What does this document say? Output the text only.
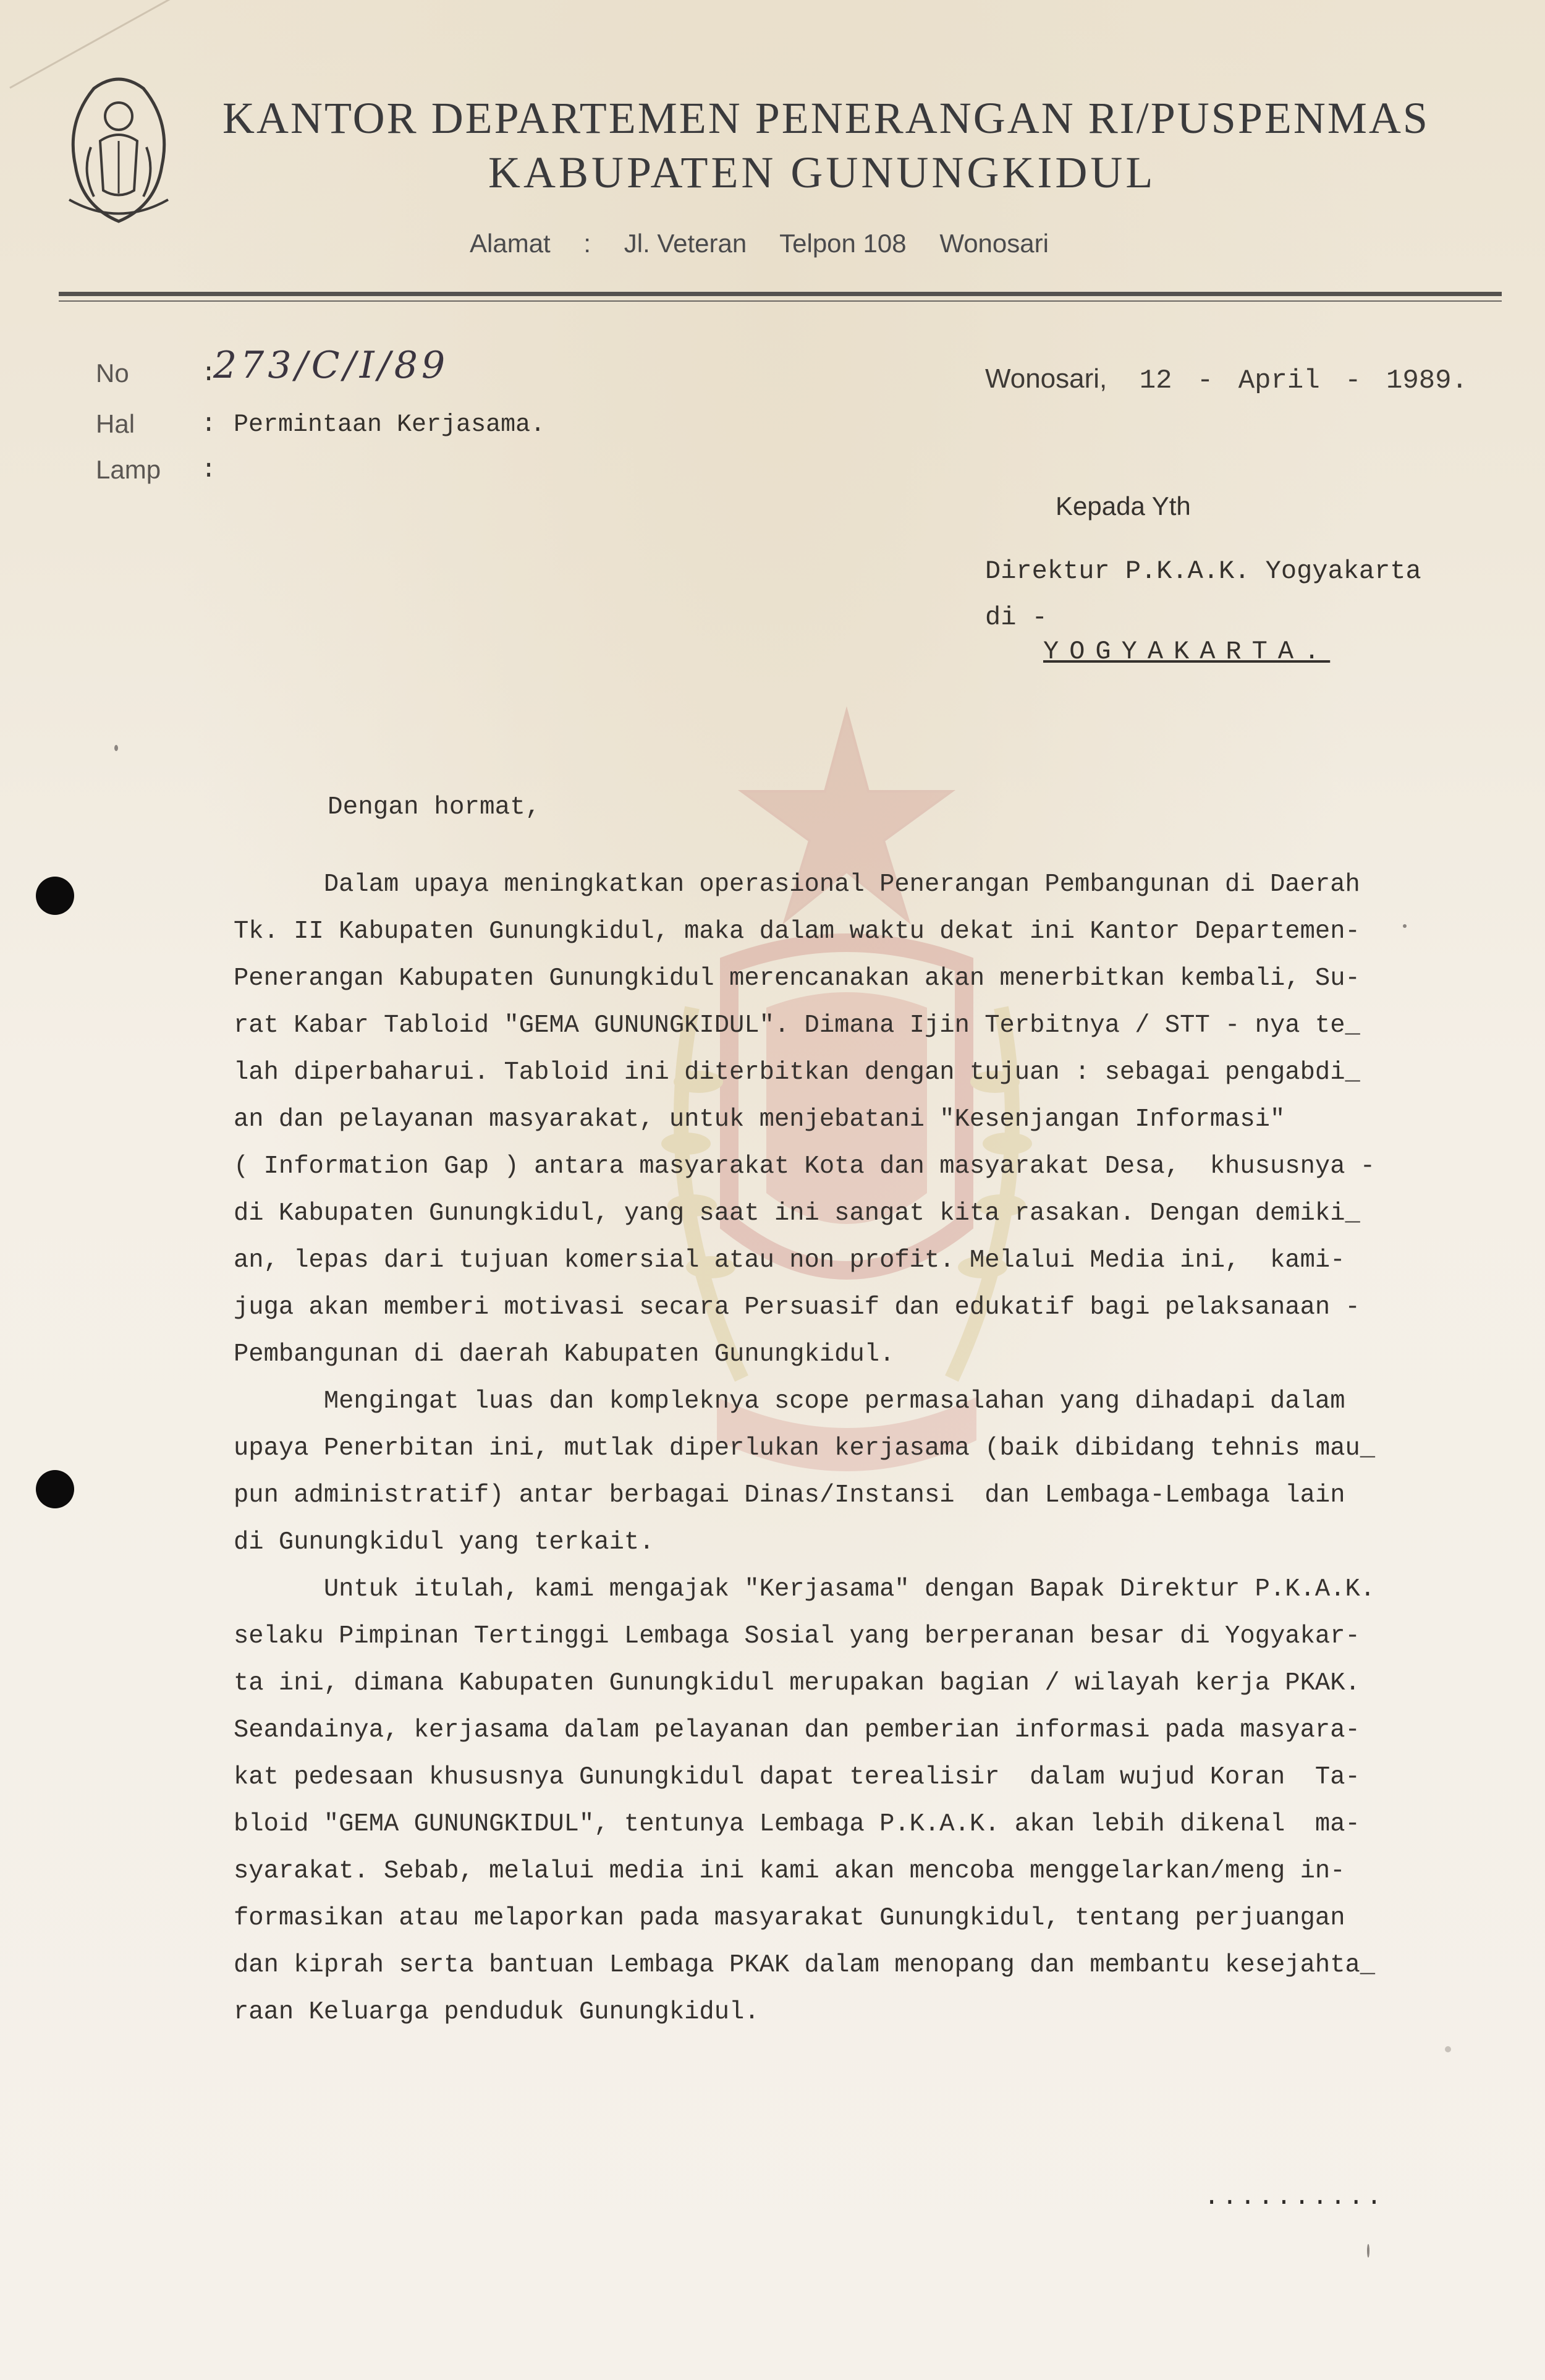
KANTOR DEPARTEMEN PENERANGAN RI/PUSPENMAS
KABUPATEN GUNUNGKIDUL
Alamat : Jl. Veteran Telpon 108 Wonosari
No	:
273/C/I/89
Hal	: Permintaan Kerjasama.
Lamp :
Wonosari, 12 - April - 1989.
Kepada Yth
Direktur P.K.A.K. Yogyakarta
di -
YOGYAKARTA.
Dengan hormat,
Dalam upaya meningkatkan operasional Penerangan Pembangunan di Daerah
Tk. II Kabupaten Gunungkidul, maka dalam waktu dekat ini Kantor Departemen-
Penerangan Kabupaten Gunungkidul merencanakan akan menerbitkan kembali, Su-
rat Kabar Tabloid "GEMA GUNUNGKIDUL". Dimana Ijin Terbitnya / STT - nya te_
lah diperbaharui. Tabloid ini diterbitkan dengan tujuan : sebagai pengabdi_
an dan pelayanan masyarakat, untuk menjebatani "Kesenjangan Informasi"
( Information Gap ) antara masyarakat Kota dan masyarakat Desa,  khususnya -
di Kabupaten Gunungkidul, yang saat ini sangat kita rasakan. Dengan demiki_
an, lepas dari tujuan komersial atau non profit. Melalui Media ini,  kami-
juga akan memberi motivasi secara Persuasif dan edukatif bagi pelaksanaan -
Pembangunan di daerah Kabupaten Gunungkidul.
Mengingat luas dan kompleknya scope permasalahan yang dihadapi dalam
upaya Penerbitan ini, mutlak diperlukan kerjasama (baik dibidang tehnis mau_
pun administratif) antar berbagai Dinas/Instansi  dan Lembaga-Lembaga lain
di Gunungkidul yang terkait.
Untuk itulah, kami mengajak "Kerjasama" dengan Bapak Direktur P.K.A.K.
selaku Pimpinan Tertinggi Lembaga Sosial yang berperanan besar di Yogyakar-
ta ini, dimana Kabupaten Gunungkidul merupakan bagian / wilayah kerja PKAK.
Seandainya, kerjasama dalam pelayanan dan pemberian informasi pada masyara-
kat pedesaan khususnya Gunungkidul dapat terealisir  dalam wujud Koran  Ta-
bloid "GEMA GUNUNGKIDUL", tentunya Lembaga P.K.A.K. akan lebih dikenal  ma-
syarakat. Sebab, melalui media ini kami akan mencoba menggelarkan/meng in-
formasikan atau melaporkan pada masyarakat Gunungkidul, tentang perjuangan
dan kiprah serta bantuan Lembaga PKAK dalam menopang dan membantu kesejahta_
raan Keluarga penduduk Gunungkidul.
..........
